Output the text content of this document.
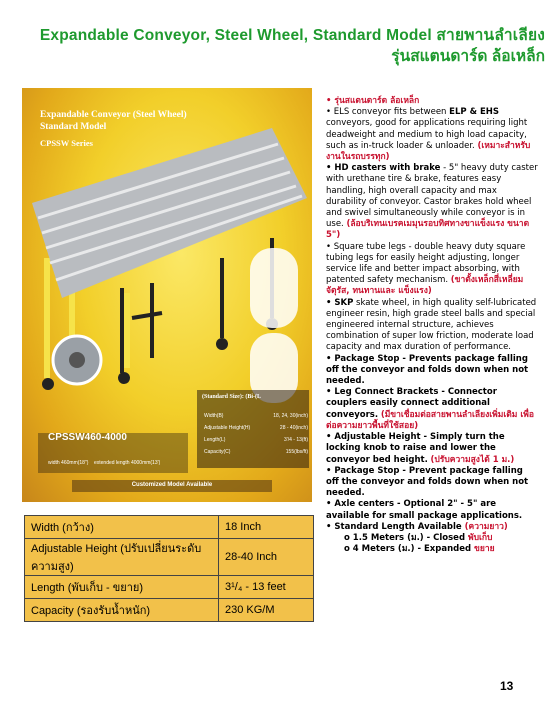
Expandable Conveyor, Steel Wheel, Standard Model สายพานลำเลียง
รุ่นสแตนดาร์ด ล้อเหล็ก
Expandable Conveyor (Steel Wheel)
Standard Model
CPSSW Series
(Standard Size): (Bi-(L
Width(B)	18, 24, 30(inch)
Adjustable Height(H)	28 - 40(inch)
Length(L)	3'/4 - 13(ft)
Capacity(C)	155(lbs/ft)
CPSSW460-4000
width 460mm(18") extended length 4000mm(13')
Customized Model Available
Width (กว้าง)	18 Inch
Adjustable Height (ปรับเปลี่ยนระดับความสูง)	28-40 Inch
Length (พับเก็บ - ขยาย)	3¹/₄ - 13 feet
Capacity (รองรับน้ำหนัก)	230 KG/M

• รุ่นสแตนดาร์ด ล้อเหล็ก

• ELS conveyor fits between ELP & EHS conveyors, good for applications requiring light deadweight and medium to high load capacity, such as in-truck loader & unloader. (เหมาะสำหรับงานในรถบรรทุก)

• HD casters with brake - 5" heavy duty caster with urethane tire & brake, features easy handling, high overall capacity and max durability of conveyor. Castor brakes hold wheel and swivel simultaneously while conveyor is in use. (ล้อบริเทนเบรคเมมุนรอบทิศทางขาแข็งแรง ขนาด 5")

• Square tube legs - double heavy duty square tubing legs for easily height adjusting, longer service life and better impact absorbing, with patented safety mechanism. (ขาตั้งเหล็กสี่เหลี่ยมจัตุรัส, ทนทานและ แข็งแรง)

• SKP skate wheel, in high quality self-lubricated engineer resin, high grade steel balls and special engineered internal structure, achieves combination of super low friction, moderate load capacity and max duration of performance.

• Package Stop - Prevents package falling off the conveyor and folds down when not needed.

• Leg Connect Brackets - Connector couplers easily connect additional conveyors. (มีขาเชื่อมต่อสายพานลำเลียงเพิ่มเติม เพื่อต่อความยาวพื้นที่ใช้สอย)

• Adjustable Height - Simply turn the locking knob to raise and lower the conveyor bed height. (ปรับความสูงได้ 1 ม.)

• Package Stop - Prevent package falling off the conveyor and folds down when not needed.

• Axle centers - Optional 2" - 5" are available for small package applications.

• Standard Length Available (ความยาว)

o 1.5 Meters (ม.) - Closed พับเก็บ

o 4 Meters (ม.) - Expanded ขยาย

13
